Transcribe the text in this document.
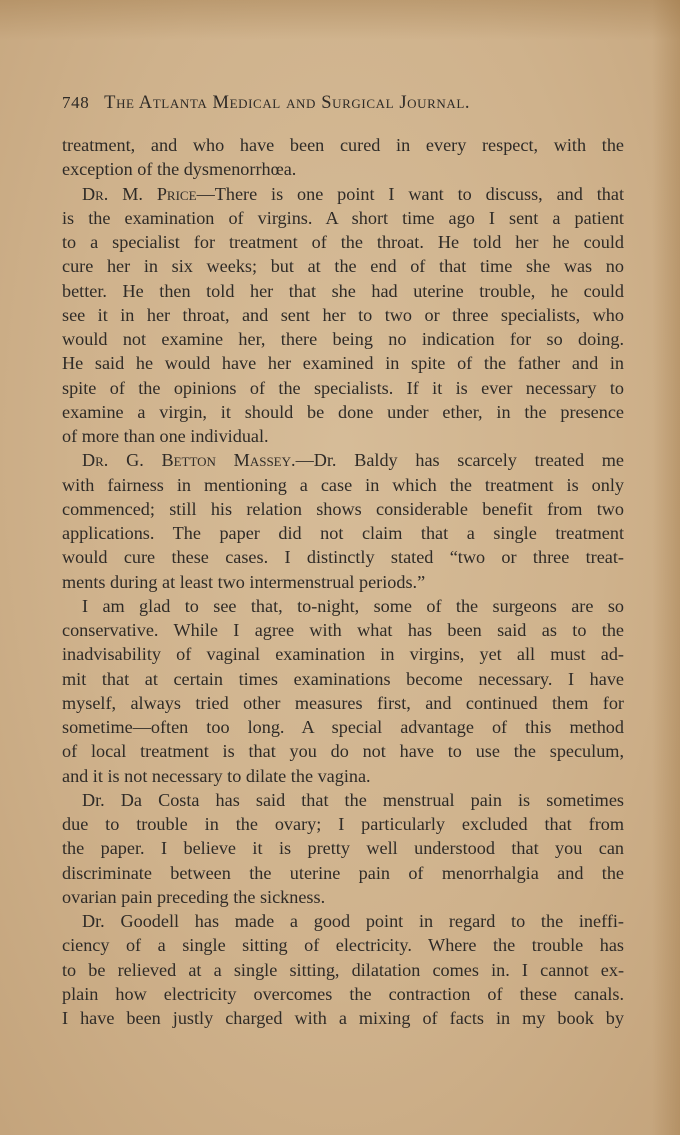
748 The Atlanta Medical and Surgical Journal.

treatment, and who have been cured in every respect, with the

exception of the dysmenorrhœa.

Dr. M. Price—There is one point I want to discuss, and that

is the examination of virgins. A short time ago I sent a patient

to a specialist for treatment of the throat. He told her he could

cure her in six weeks; but at the end of that time she was no

better. He then told her that she had uterine trouble, he could

see it in her throat, and sent her to two or three specialists, who

would not examine her, there being no indication for so doing.

He said he would have her examined in spite of the father and in

spite of the opinions of the specialists. If it is ever necessary to

examine a virgin, it should be done under ether, in the presence

of more than one individual.

Dr. G. Betton Massey.—Dr. Baldy has scarcely treated me

with fairness in mentioning a case in which the treatment is only

commenced; still his relation shows considerable benefit from two

applications. The paper did not claim that a single treatment

would cure these cases. I distinctly stated “two or three treat-

ments during at least two intermenstrual periods.”

I am glad to see that, to-night, some of the surgeons are so

conservative. While I agree with what has been said as to the

inadvisability of vaginal examination in virgins, yet all must ad-

mit that at certain times examinations become necessary. I have

myself, always tried other measures first, and continued them for

sometime—often too long. A special advantage of this method

of local treatment is that you do not have to use the speculum,

and it is not necessary to dilate the vagina.

Dr. Da Costa has said that the menstrual pain is sometimes

due to trouble in the ovary; I particularly excluded that from

the paper. I believe it is pretty well understood that you can

discriminate between the uterine pain of menorrhalgia and the

ovarian pain preceding the sickness.

Dr. Goodell has made a good point in regard to the ineffi-

ciency of a single sitting of electricity. Where the trouble has

to be relieved at a single sitting, dilatation comes in. I cannot ex-

plain how electricity overcomes the contraction of these canals.

I have been justly charged with a mixing of facts in my book by
